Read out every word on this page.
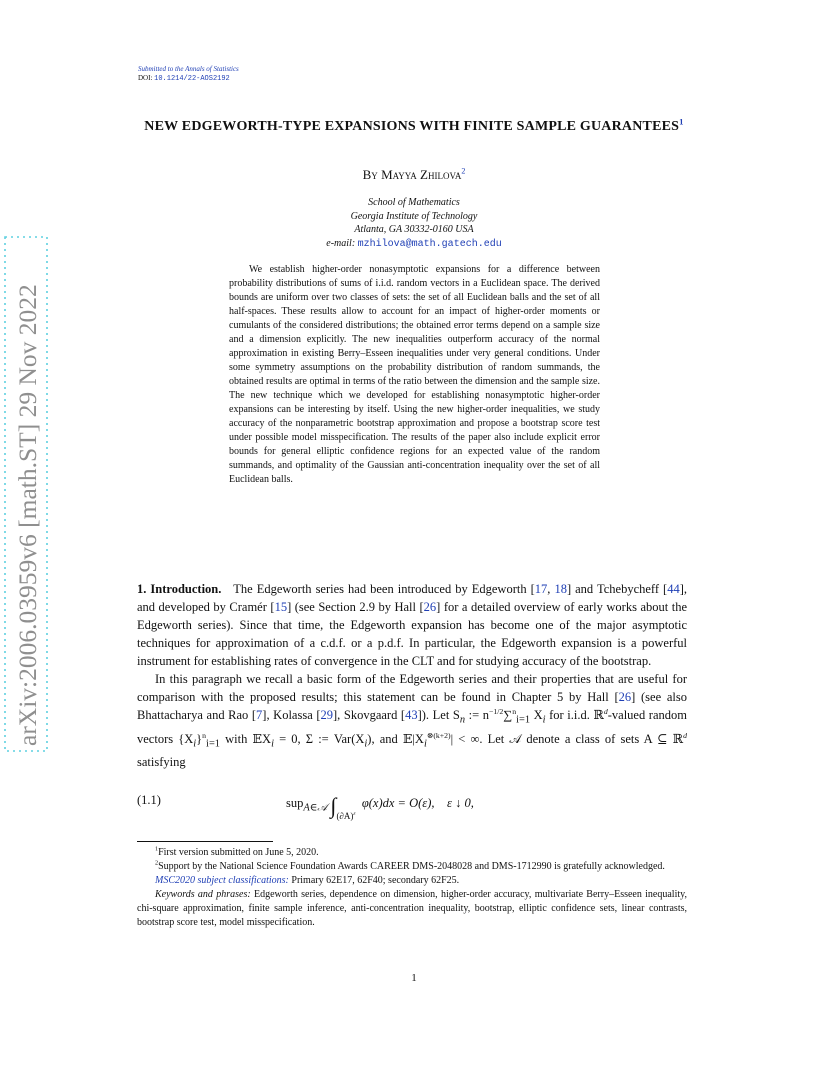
arXiv:2006.03959v6 [math.ST] 29 Nov 2022
Submitted to the Annals of Statistics
DOI: 10.1214/22-AOS2192
NEW EDGEWORTH-TYPE EXPANSIONS WITH FINITE SAMPLE GUARANTEES$^1$
By Mayya Zhilova$^2$
School of Mathematics
Georgia Institute of Technology
Atlanta, GA 30332-0160 USA
e-mail: mzhilova@math.gatech.edu
We establish higher-order nonasymptotic expansions for a difference between probability distributions of sums of i.i.d. random vectors in a Euclidean space. The derived bounds are uniform over two classes of sets: the set of all Euclidean balls and the set of all half-spaces. These results allow to account for an impact of higher-order moments or cumulants of the considered distributions; the obtained error terms depend on a sample size and a dimension explicitly. The new inequalities outperform accuracy of the normal approximation in existing Berry–Esseen inequalities under very general conditions. Under some symmetry assumptions on the probability distribution of random summands, the obtained results are optimal in terms of the ratio between the dimension and the sample size. The new technique which we developed for establishing nonasymptotic higher-order expansions can be interesting by itself. Using the new higher-order inequalities, we study accuracy of the nonparametric bootstrap approximation and propose a bootstrap score test under possible model misspecification. The results of the paper also include explicit error bounds for general elliptic confidence regions for an expected value of the random summands, and optimality of the Gaussian anti-concentration inequality over the set of all Euclidean balls.

1. Introduction. The Edgeworth series had been introduced by Edgeworth [17, 18] and Tchebycheff [44], and developed by Cramér [15] (see Section 2.9 by Hall [26] for a detailed overview of early works about the Edgeworth series). Since that time, the Edgeworth expansion has become one of the major asymptotic techniques for approximation of a c.d.f. or a p.d.f. In particular, the Edgeworth expansion is a powerful instrument for establishing rates of convergence in the CLT and for studying accuracy of the bootstrap.

In this paragraph we recall a basic form of the Edgeworth series and their properties that are useful for comparison with the proposed results; this statement can be found in Chapter 5 by Hall [26] (see also Bhattacharya and Rao [7], Kolassa [29], Skovgaard [43]). Let $S_n$ := $n^{-1/2}\sum^n_{i=1}$ $X_i$ for i.i.d. ℝ$^d$-valued random vectors $\{X_i\}^n_{i=1}$ with 𝔼X$_i$ = 0, Σ := $Var(X_i)$, and $𝔼|X_i^{\otimes(k+2)}|$ < ∞. Let 𝒜 denote a class of sets A ⊆ ℝ$^d$ satisfying

(1.1)	sup$_{A\in 𝒜}$ $\int_{(\partial A)^\varepsilon}$  φ(x)dx = O(ε), ε ↓ 0,

$^1$First version submitted on June 5, 2020.

$^2$Support by the National Science Foundation Awards CAREER DMS-2048028 and DMS-1712990 is gratefully acknowledged.

MSC2020 subject classifications: Primary 62E17, 62F40; secondary 62F25.

Keywords and phrases: Edgeworth series, dependence on dimension, higher-order accuracy, multivariate Berry–Esseen inequality, chi-square approximation, finite sample inference, anti-concentration inequality, bootstrap, elliptic confidence sets, linear contrasts, bootstrap score test, model misspecification.

1
